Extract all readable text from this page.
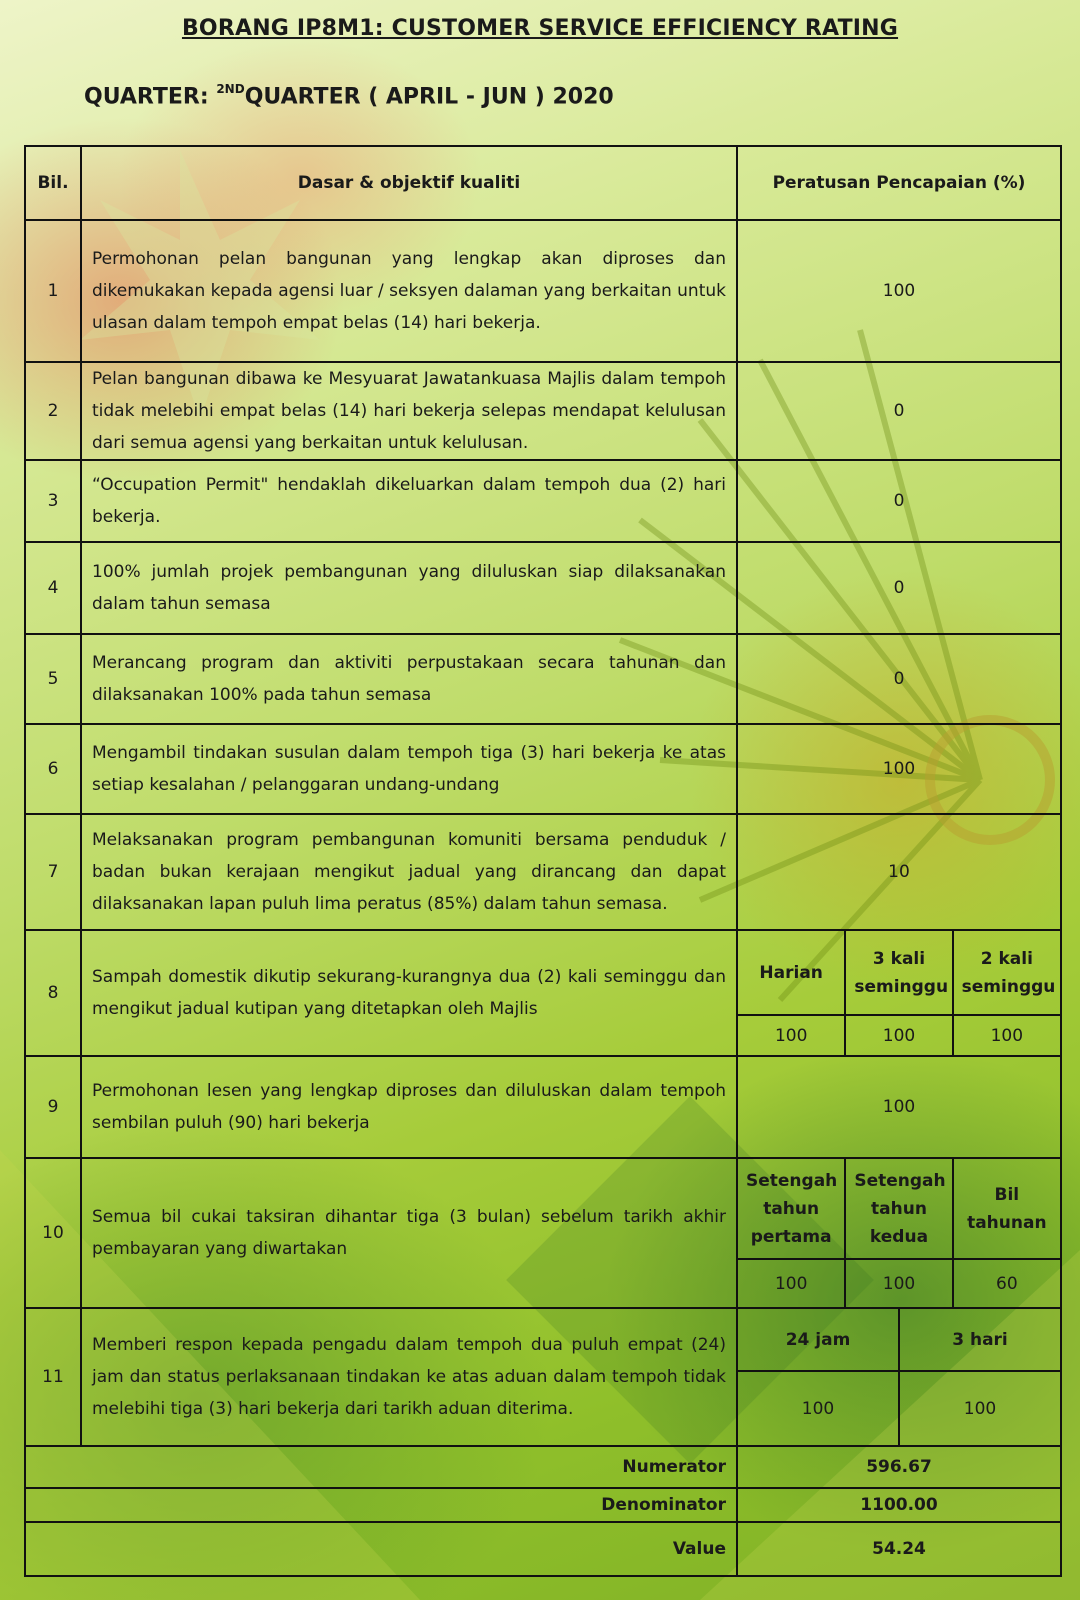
BORANG IP8M1: CUSTOMER SERVICE EFFICIENCY RATING
QUARTER: $^{2ND}$QUARTER ( APRIL - JUN ) 2020
Bil.	Dasar & objektif kualiti	Peratusan Pencapaian (%)
1	Permohonan pelan bangunan yang lengkap akan diproses dan dikemukakan kepada agensi luar / seksyen dalaman yang berkaitan untuk ulasan dalam tempoh empat belas (14) hari bekerja.	100
2	Pelan bangunan dibawa ke Mesyuarat Jawatankuasa Majlis dalam tempoh tidak melebihi empat belas (14) hari bekerja selepas mendapat kelulusan dari semua agensi yang berkaitan untuk kelulusan.	0
3	“Occupation Permit" hendaklah dikeluarkan dalam tempoh dua (2) hari bekerja.	0
4	100% jumlah projek pembangunan yang diluluskan siap dilaksanakan dalam tahun semasa	0
5	Merancang program dan aktiviti perpustakaan secara tahunan dan dilaksanakan 100% pada tahun semasa	0
6	Mengambil tindakan susulan dalam tempoh tiga (3) hari bekerja ke atas setiap kesalahan / pelanggaran undang-undang	100
7	Melaksanakan program pembangunan komuniti bersama penduduk / badan bukan kerajaan mengikut jadual yang dirancang dan dapat dilaksanakan lapan puluh lima peratus (85%) dalam tahun semasa.	10
8	Sampah domestik dikutip sekurang-kurangnya dua (2) kali seminggu dan mengikut jadual kutipan yang ditetapkan oleh Majlis	
Harian	3 kali seminggu	2 kali seminggu
100	100	100

9	Permohonan lesen yang lengkap diproses dan diluluskan dalam tempoh sembilan puluh (90) hari bekerja	100
10	Semua bil cukai taksiran dihantar tiga (3 bulan) sebelum tarikh akhir pembayaran yang diwartakan	
Setengah tahun pertama	Setengah tahun kedua	Bil tahunan
100	100	60

11	Memberi respon kepada pengadu dalam tempoh dua puluh empat (24) jam dan status perlaksanaan tindakan ke atas aduan dalam tempoh tidak melebihi tiga (3) hari bekerja dari tarikh aduan diterima.	
24 jam	3 hari
100	100

Numerator	596.67
Denominator	1100.00
Value	54.24
